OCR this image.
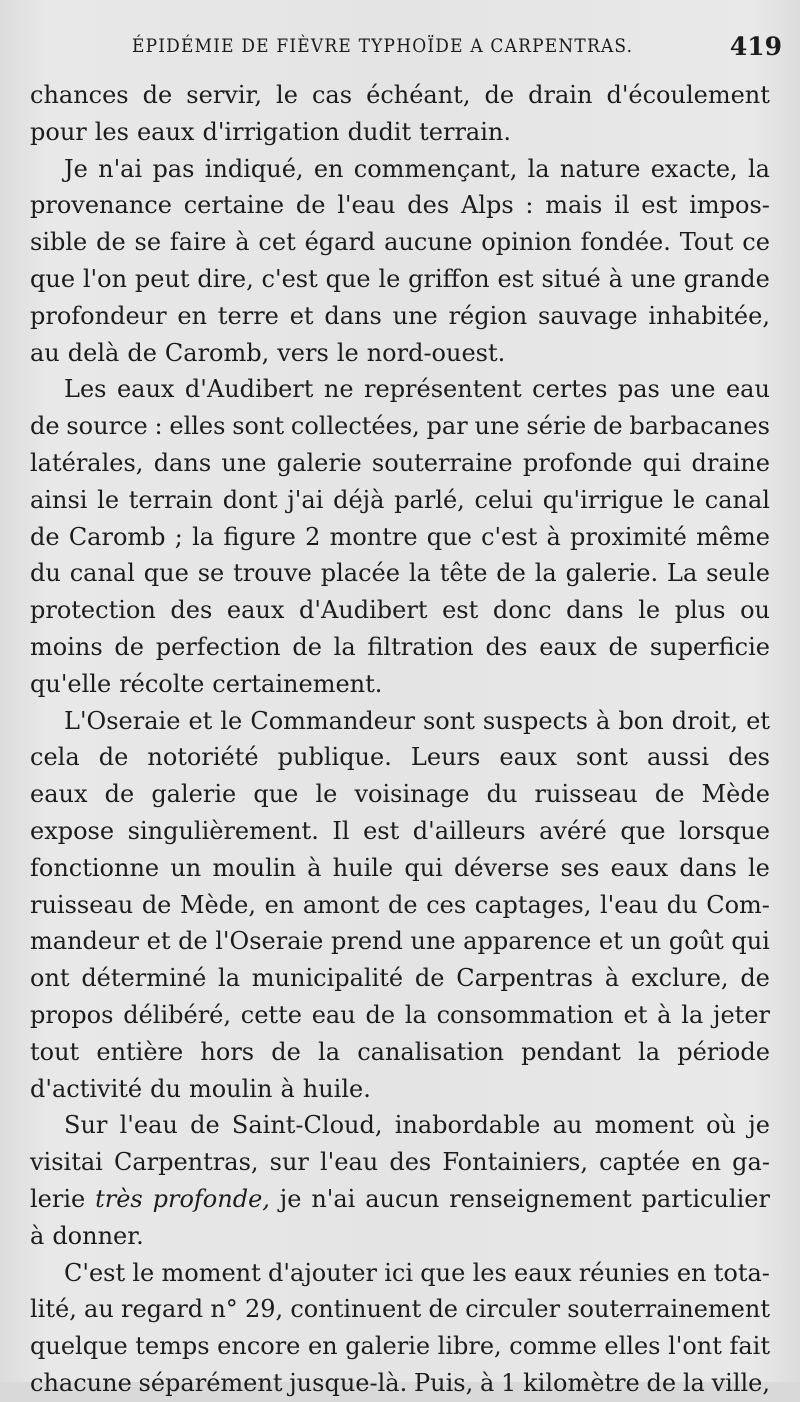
ÉPIDÉMIE DE FIÈVRE TYPHOÏDE A CARPENTRAS.	419
chances de servir, le cas échéant, de drain d'écoulement
pour les eaux d'irrigation dudit terrain.
Je n'ai pas indiqué, en commençant, la nature exacte, la
provenance certaine de l'eau des Alps : mais il est impos-
sible de se faire à cet égard aucune opinion fondée. Tout ce
que l'on peut dire, c'est que le griffon est situé à une grande
profondeur en terre et dans une région sauvage inhabitée,
au delà de Caromb, vers le nord-ouest.
Les eaux d'Audibert ne représentent certes pas une eau
de source : elles sont collectées, par une série de barbacanes
latérales, dans une galerie souterraine profonde qui draine
ainsi le terrain dont j'ai déjà parlé, celui qu'irrigue le canal
de Caromb ; la figure 2 montre que c'est à proximité même
du canal que se trouve placée la tête de la galerie. La seule
protection des eaux d'Audibert est donc dans le plus ou
moins de perfection de la filtration des eaux de superficie
qu'elle récolte certainement.
L'Oseraie et le Commandeur sont suspects à bon droit, et
cela de notoriété publique. Leurs eaux sont aussi des
eaux de galerie que le voisinage du ruisseau de Mède
expose singulièrement. Il est d'ailleurs avéré que lorsque
fonctionne un moulin à huile qui déverse ses eaux dans le
ruisseau de Mède, en amont de ces captages, l'eau du Com-
mandeur et de l'Oseraie prend une apparence et un goût qui
ont déterminé la municipalité de Carpentras à exclure, de
propos délibéré, cette eau de la consommation et à la jeter
tout entière hors de la canalisation pendant la période
d'activité du moulin à huile.
Sur l'eau de Saint-Cloud, inabordable au moment où je
visitai Carpentras, sur l'eau des Fontainiers, captée en ga-
lerie très profonde, je n'ai aucun renseignement particulier
à donner.
C'est le moment d'ajouter ici que les eaux réunies en tota-
lité, au regard n° 29, continuent de circuler souterrainement
quelque temps encore en galerie libre, comme elles l'ont fait
chacune séparément jusque-là. Puis, à 1 kilomètre de la ville,
